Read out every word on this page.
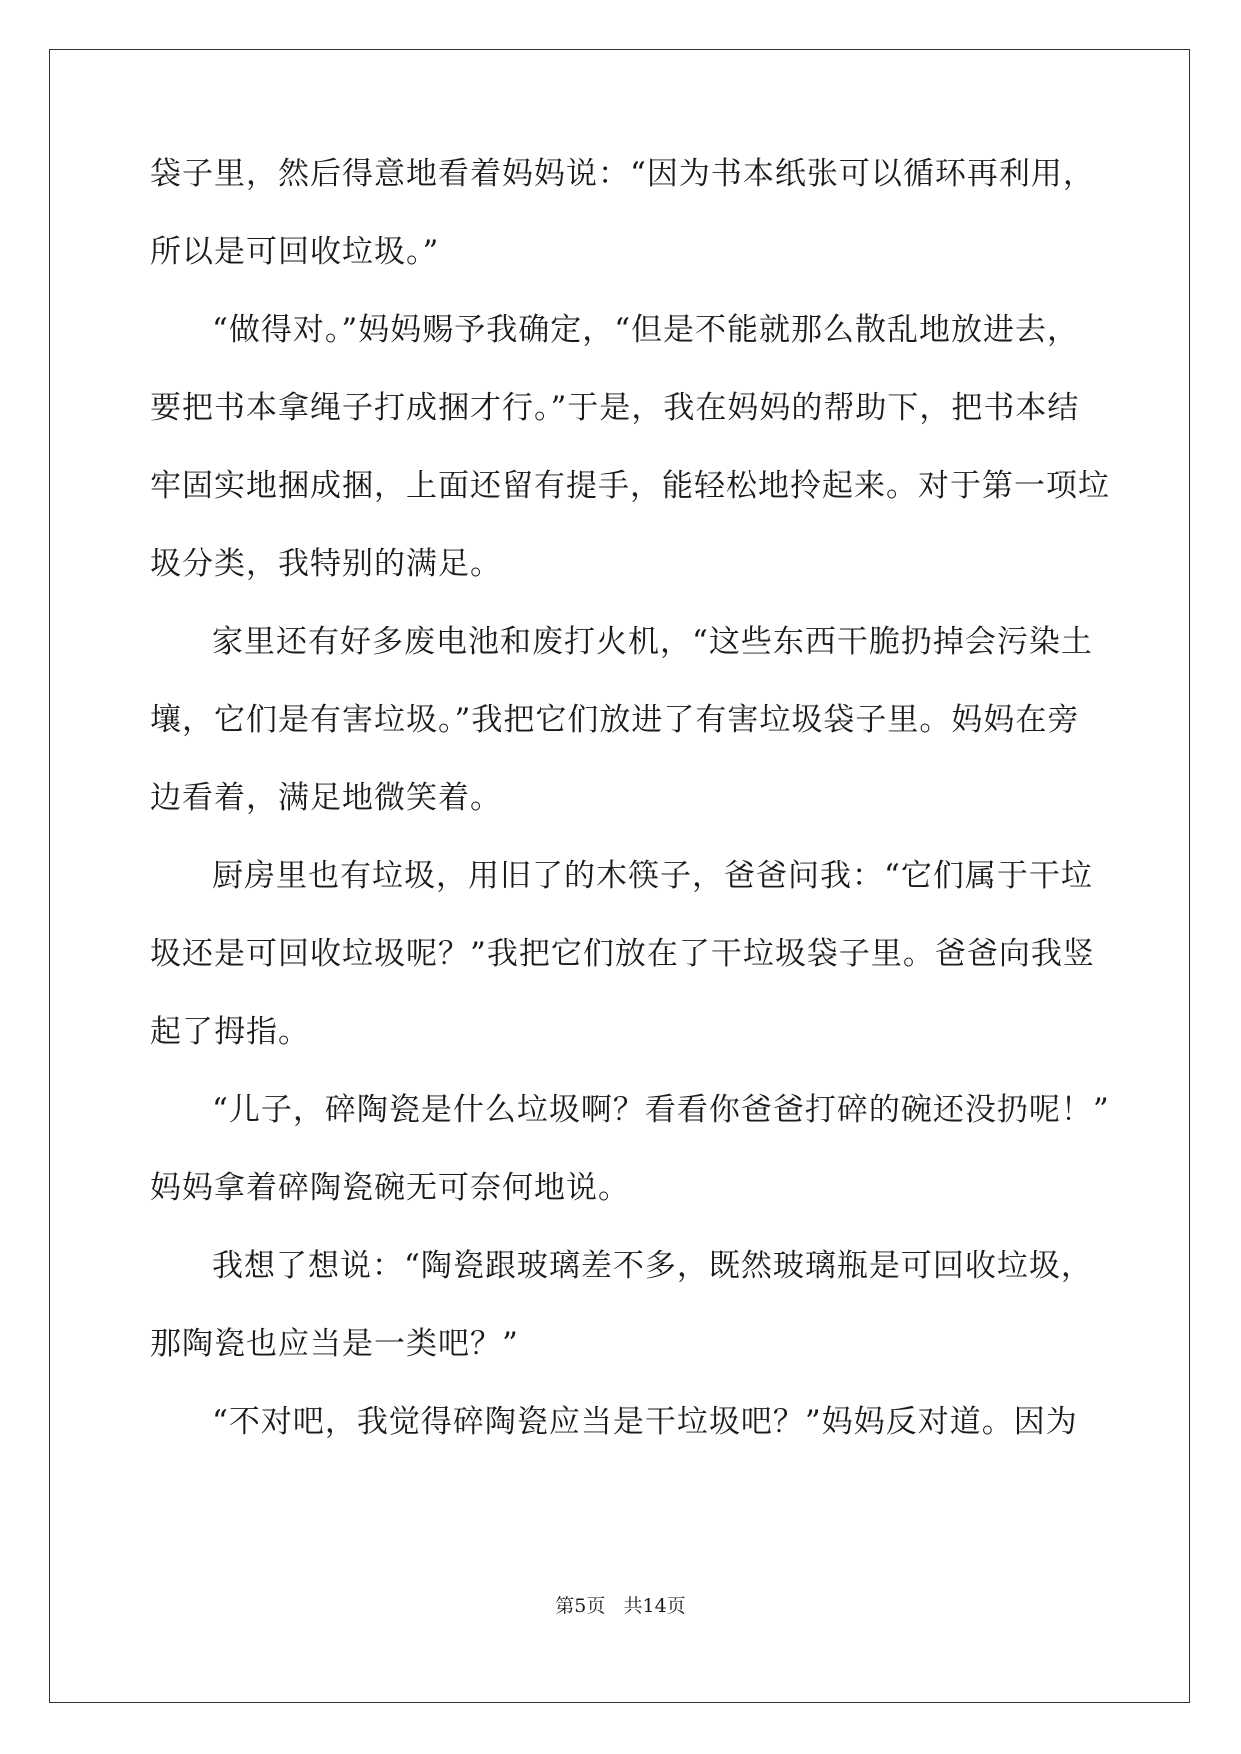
袋子里，然后得意地看着妈妈说：“因为书本纸张可以循环再利用，
所以是可回收垃圾。”
“做得对。”妈妈赐予我确定，“但是不能就那么散乱地放进去，
要把书本拿绳子打成捆才行。”于是，我在妈妈的帮助下，把书本结
牢固实地捆成捆，上面还留有提手，能轻松地拎起来。对于第一项垃
圾分类，我特别的满足。
家里还有好多废电池和废打火机，“这些东西干脆扔掉会污染土
壤，它们是有害垃圾。”我把它们放进了有害垃圾袋子里。妈妈在旁
边看着，满足地微笑着。
厨房里也有垃圾，用旧了的木筷子，爸爸问我：“它们属于干垃
圾还是可回收垃圾呢？”我把它们放在了干垃圾袋子里。爸爸向我竖
起了拇指。
“儿子，碎陶瓷是什么垃圾啊？看看你爸爸打碎的碗还没扔呢！”
妈妈拿着碎陶瓷碗无可奈何地说。
我想了想说：“陶瓷跟玻璃差不多，既然玻璃瓶是可回收垃圾，
那陶瓷也应当是一类吧？”
“不对吧，我觉得碎陶瓷应当是干垃圾吧？”妈妈反对道。因为
第5页   共14页
